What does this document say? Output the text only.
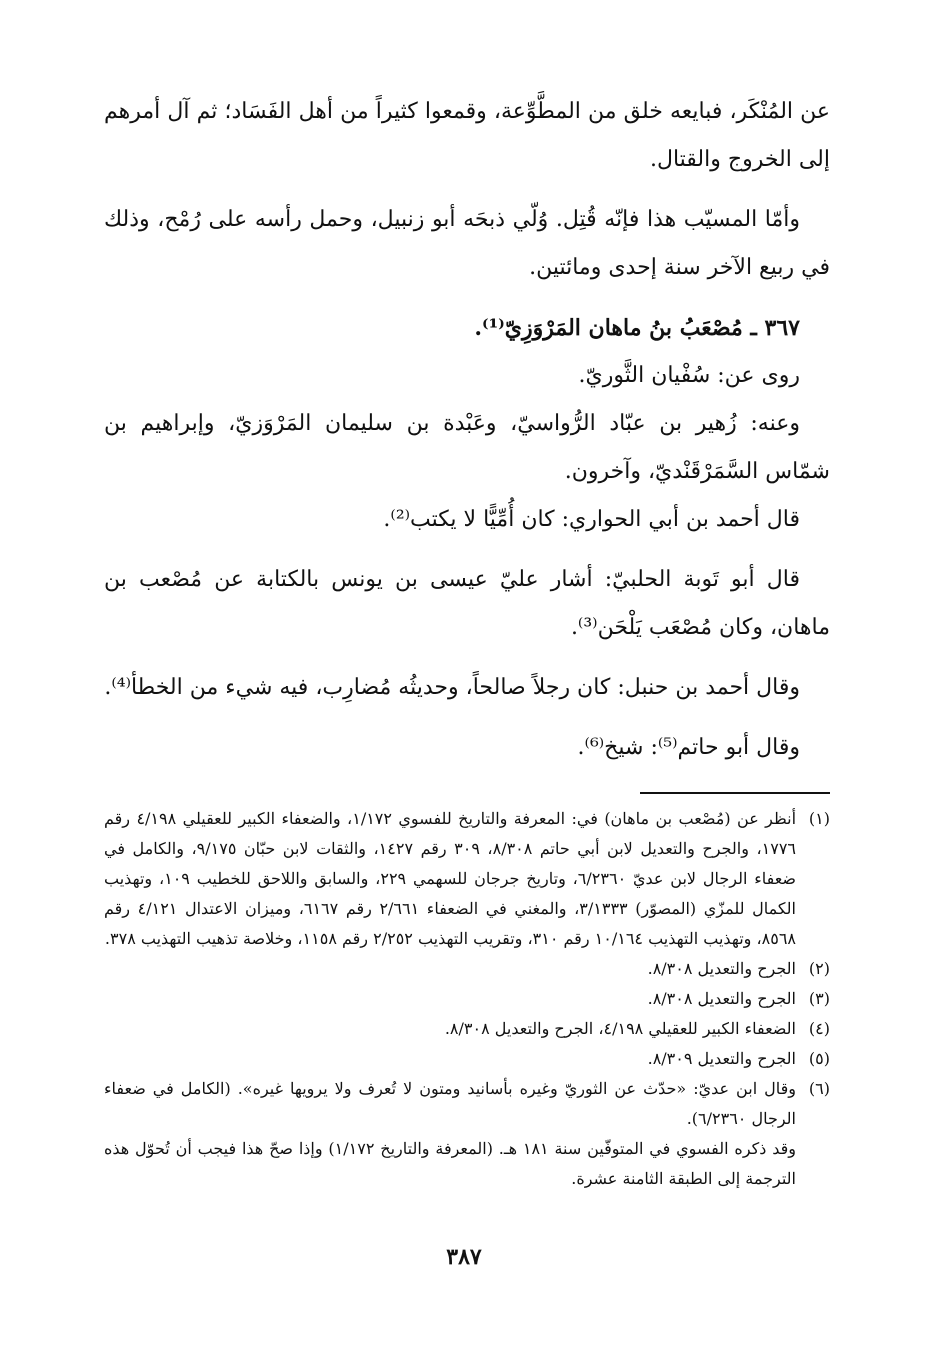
عن المُنْكَر، فبايعه خلق من المطَّوِّعة، وقمعوا كثيراً من أهل الفَسَاد؛ ثم آل أمرهم إلى الخروج والقتال.

وأمّا المسيّب هذا فإنّه قُتِل. وُلّي ذبحَه أبو زنبيل، وحمل رأسه على رُمْح، وذلك في ربيع الآخر سنة إحدى ومائتين.

٣٦٧ ـ مُصْعَبُ بنُ ماهان المَرْوَزِيّ⁽¹⁾.

روى عن: سُفْيان الثَّوريّ.

وعنه: زُهير بن عبّاد الرُّواسيّ، وعَبْدة بن سليمان المَرْوَزيّ، وإبراهيم بن شمّاس السَّمَرْقَنْديّ، وآخرون.

قال أحمد بن أبي الحواري: كان أُمِّيًّا لا يكتب⁽²⁾.

قال أبو تَوبة الحلبيّ: أشار عليّ عيسى بن يونس بالكتابة عن مُصْعب بن ماهان، وكان مُصْعَب يَلْحَن⁽³⁾.

وقال أحمد بن حنبل: كان رجلاً صالحاً، وحديثُه مُضارِب، فيه شيء من الخطأ⁽⁴⁾.

وقال أبو حاتم⁽⁵⁾: شيخ⁽⁶⁾.

(١)
أنظر عن (مُصْعب بن ماهان) في: المعرفة والتاريخ للفسوي ١/١٧٢، والضعفاء الكبير للعقيلي ٤/١٩٨ رقم ١٧٧٦، والجرح والتعديل لابن أبي حاتم ٨/٣٠٨، ٣٠٩ رقم ١٤٢٧، والثقات لابن حبّان ٩/١٧٥، والكامل في ضعفاء الرجال لابن عديّ ٦/٢٣٦٠، وتاريخ جرجان للسهمي ٢٢٩، والسابق واللاحق للخطيب ١٠٩، وتهذيب الكمال للمزّي (المصوّر) ٣/١٣٣٣، والمغني في الضعفاء ٢/٦٦١ رقم ٦١٦٧، وميزان الاعتدال ٤/١٢١ رقم ٨٥٦٨، وتهذيب التهذيب ١٠/١٦٤ رقم ٣١٠، وتقريب التهذيب ٢/٢٥٢ رقم ١١٥٨، وخلاصة تذهيب التهذيب ٣٧٨.
(٢)
الجرح والتعديل ٨/٣٠٨.
(٣)
الجرح والتعديل ٨/٣٠٨.
(٤)
الضعفاء الكبير للعقيلي ٤/١٩٨، الجرح والتعديل ٨/٣٠٨.
(٥)
الجرح والتعديل ٨/٣٠٩.
(٦)
وقال ابن عديّ: «حدّث عن الثوريّ وغيره بأسانيد ومتون لا تُعرف ولا يرويها غيره». (الكامل في ضعفاء الرجال ٦/٢٣٦٠).

وقد ذكره الفسوي في المتوفّين سنة ١٨١ هـ. (المعرفة والتاريخ ١/١٧٢) وإذا صحّ هذا فيجب أن تُحوّل هذه الترجمة إلى الطبقة الثامنة عشرة.

٣٨٧
